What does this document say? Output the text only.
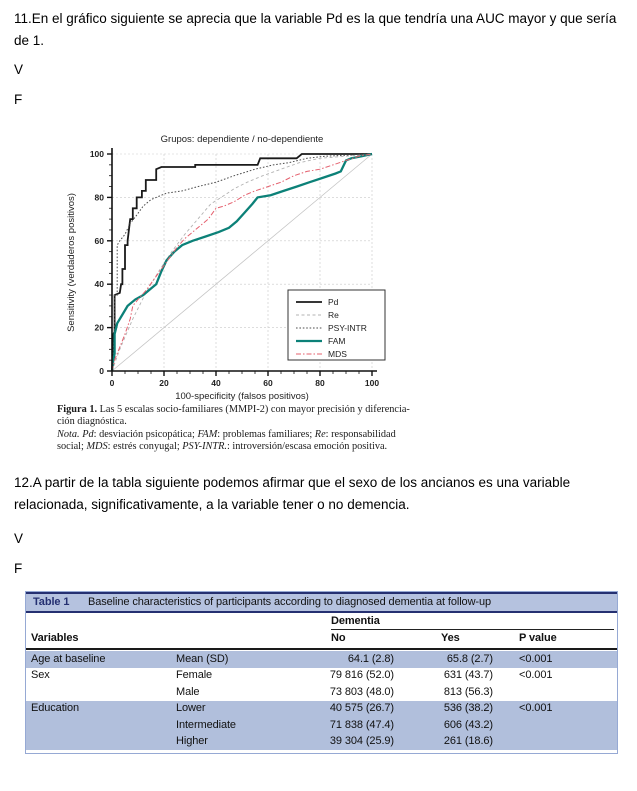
11.En el gráfico siguiente se aprecia que la variable Pd es la que tendría una AUC mayor y que sería de 1.
V
F
0
20
40
60
80
100
0	20	40	60	80	100
Grupos: dependiente / no-dependiente
100-specificity (falsos positivos)
Sensitivity (verdaderos positivos)	Pd
Re
PSY-INTR
FAM
MDS
Figura 1. Las 5 escalas socio-familiares (MMPI-2) con mayor precisión y diferencia-
ción diagnóstica.
Nota. Pd: desviación psicopática; FAM: problemas familiares; Re: responsabilidad
social; MDS: estrés conyugal; PSY-INTR.: introversión/escasa emoción positiva.
12.A partir de la tabla siguiente podemos afirmar que el sexo de los ancianos es una variable relacionada, significativamente, a la variable tener o no demencia.
V
F
Table 1 Baseline characteristics of participants according to diagnosed dementia at follow-up
Dementia
Variables	No	Yes	P value
Age at baseline	Mean (SD)	64.1 (2.8)	65.8 (2.7) <0.001
Sex	Female	79 816 (52.0)	631 (43.7) <0.001
Male	73 803 (48.0)	813 (56.3)
Education	Lower	40 575 (26.7)	536 (38.2) <0.001
Intermediate	71 838 (47.4)	606 (43.2)
Higher	39 304 (25.9)	261 (18.6)
